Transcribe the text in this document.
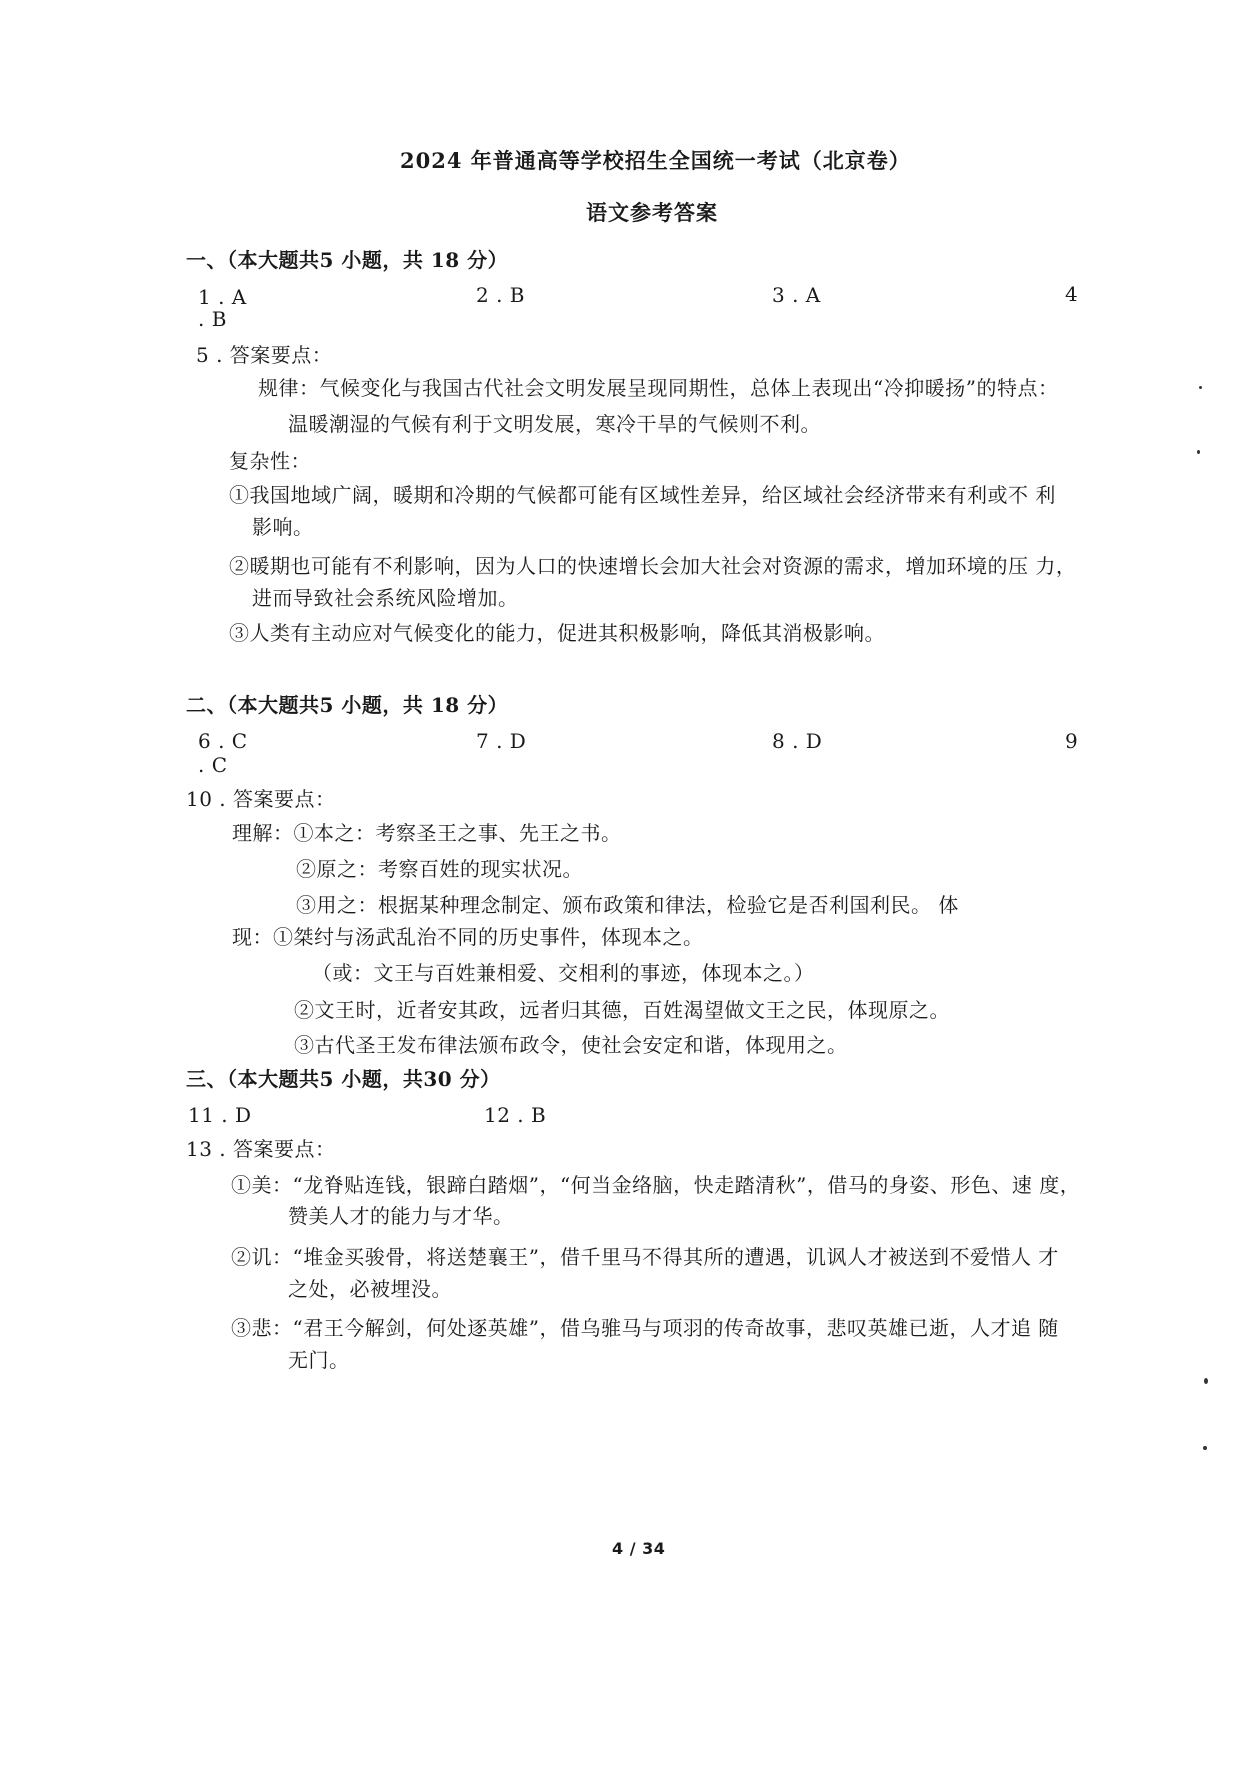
2024 年普通高等学校招生全国统一考试（北京卷）
语文参考答案
一、（本大题共5 小题，共 18 分）
1 . A	2 . B	3 . A	4
. B
5 . 答案要点：
规律：气候变化与我国古代社会文明发展呈现同期性，总体上表现出“冷抑暖扬”的特点：
温暖潮湿的气候有利于文明发展，寒冷干旱的气候则不利。
复杂性：
①我国地域广阔，暖期和冷期的气候都可能有区域性差异，给区域社会经济带来有利或不 利
影响。
②暖期也可能有不利影响，因为人口的快速增长会加大社会对资源的需求，增加环境的压 力，
进而导致社会系统风险增加。
③人类有主动应对气候变化的能力，促进其积极影响，降低其消极影响。
二、（本大题共5 小题，共 18 分）
6 . C	7 . D	8 . D	9
. C
10 . 答案要点：
理解：①本之：考察圣王之事、先王之书。
②原之：考察百姓的现实状况。
③用之：根据某种理念制定、颁布政策和律法，检验它是否利国利民。 体
现：①桀纣与汤武乱治不同的历史事件，体现本之。
（或：文王与百姓兼相爱、交相利的事迹，体现本之。）
②文王时，近者安其政，远者归其德，百姓渴望做文王之民，体现原之。
③古代圣王发布律法颁布政令，使社会安定和谐，体现用之。
三、（本大题共5 小题，共30 分）
11 . D	12 . B
13 . 答案要点：
①美：“龙脊贴连钱，银蹄白踏烟”，“何当金络脑，快走踏清秋”，借马的身姿、形色、速 度，
赞美人才的能力与才华。
②讥：“堆金买骏骨，将送楚襄王”，借千里马不得其所的遭遇，讥讽人才被送到不爱惜人 才
之处，必被埋没。
③悲：“君王今解剑，何处逐英雄”，借乌骓马与项羽的传奇故事，悲叹英雄已逝，人才追 随
无门。
4 / 34
